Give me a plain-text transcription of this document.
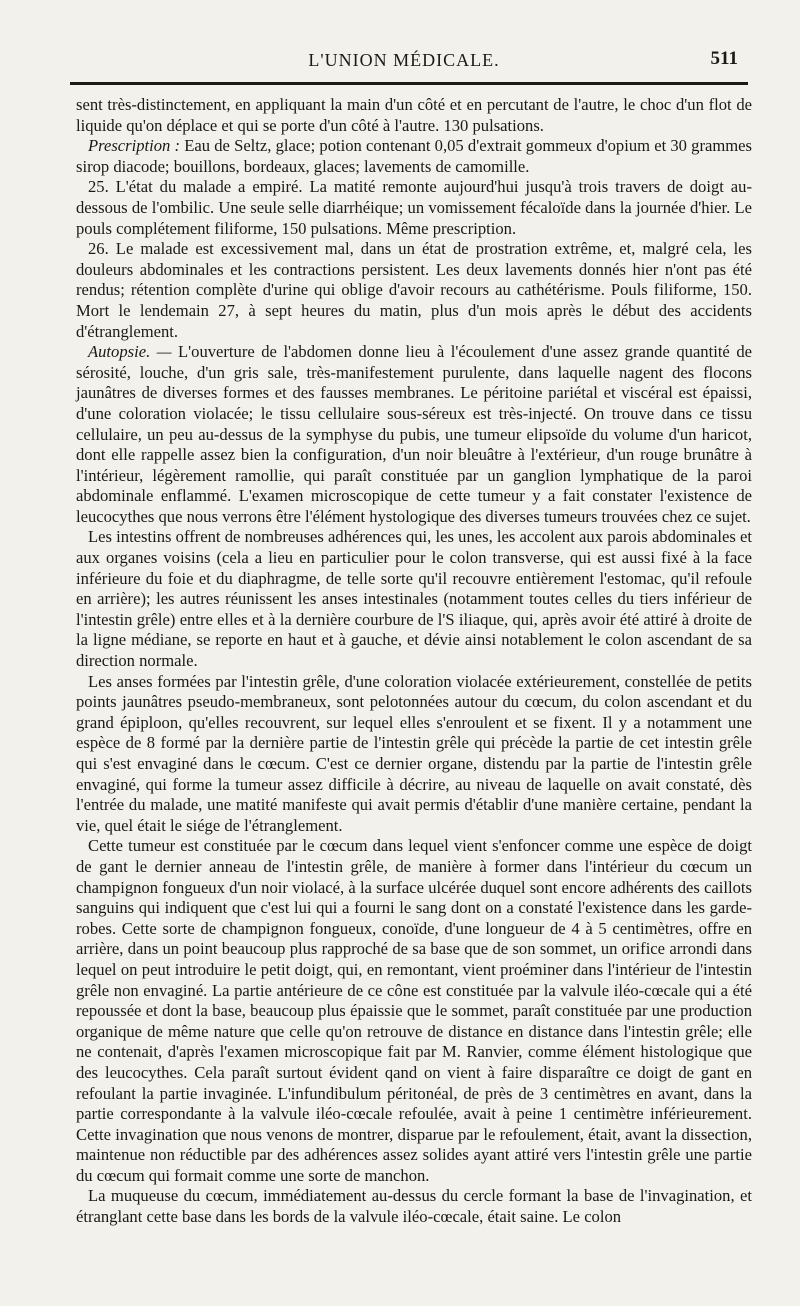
L'UNION MÉDICALE.	511

sent très-distinctement, en appliquant la main d'un côté et en percutant de l'autre, le choc d'un flot de liquide qu'on déplace et qui se porte d'un côté à l'autre. 130 pulsations.

Prescription : Eau de Seltz, glace; potion contenant 0,05 d'extrait gommeux d'opium et 30 grammes sirop diacode; bouillons, bordeaux, glaces; lavements de camomille.

25. L'état du malade a empiré. La matité remonte aujourd'hui jusqu'à trois travers de doigt au-dessous de l'ombilic. Une seule selle diarrhéique; un vomissement fécaloïde dans la journée d'hier. Le pouls complétement filiforme, 150 pulsations. Même prescription.

26. Le malade est excessivement mal, dans un état de prostration extrême, et, malgré cela, les douleurs abdominales et les contractions persistent. Les deux lavements donnés hier n'ont pas été rendus; rétention complète d'urine qui oblige d'avoir recours au cathétérisme. Pouls filiforme, 150. Mort le lendemain 27, à sept heures du matin, plus d'un mois après le début des accidents d'étranglement.

Autopsie. — L'ouverture de l'abdomen donne lieu à l'écoulement d'une assez grande quantité de sérosité, louche, d'un gris sale, très-manifestement purulente, dans laquelle nagent des flocons jaunâtres de diverses formes et des fausses membranes. Le péritoine pariétal et viscéral est épaissi, d'une coloration violacée; le tissu cellulaire sous-séreux est très-injecté. On trouve dans ce tissu cellulaire, un peu au-dessus de la symphyse du pubis, une tumeur elipsoïde du volume d'un haricot, dont elle rappelle assez bien la configuration, d'un noir bleuâtre à l'extérieur, d'un rouge brunâtre à l'intérieur, légèrement ramollie, qui paraît constituée par un ganglion lymphatique de la paroi abdominale enflammé. L'examen microscopique de cette tumeur y a fait constater l'existence de leucocythes que nous verrons être l'élément hystologique des diverses tumeurs trouvées chez ce sujet.

Les intestins offrent de nombreuses adhérences qui, les unes, les accolent aux parois abdominales et aux organes voisins (cela a lieu en particulier pour le colon transverse, qui est aussi fixé à la face inférieure du foie et du diaphragme, de telle sorte qu'il recouvre entièrement l'estomac, qu'il refoule en arrière); les autres réunissent les anses intestinales (notamment toutes celles du tiers inférieur de l'intestin grêle) entre elles et à la dernière courbure de l'S iliaque, qui, après avoir été attiré à droite de la ligne médiane, se reporte en haut et à gauche, et dévie ainsi notablement le colon ascendant de sa direction normale.

Les anses formées par l'intestin grêle, d'une coloration violacée extérieurement, constellée de petits points jaunâtres pseudo-membraneux, sont pelotonnées autour du cœcum, du colon ascendant et du grand épiploon, qu'elles recouvrent, sur lequel elles s'enroulent et se fixent. Il y a notamment une espèce de 8 formé par la dernière partie de l'intestin grêle qui précède la partie de cet intestin grêle qui s'est envaginé dans le cœcum. C'est ce dernier organe, distendu par la partie de l'intestin grêle envaginé, qui forme la tumeur assez difficile à décrire, au niveau de laquelle on avait constaté, dès l'entrée du malade, une matité manifeste qui avait permis d'établir d'une manière certaine, pendant la vie, quel était le siége de l'étranglement.

Cette tumeur est constituée par le cœcum dans lequel vient s'enfoncer comme une espèce de doigt de gant le dernier anneau de l'intestin grêle, de manière à former dans l'intérieur du cœcum un champignon fongueux d'un noir violacé, à la surface ulcérée duquel sont encore adhérents des caillots sanguins qui indiquent que c'est lui qui a fourni le sang dont on a constaté l'existence dans les garde-robes. Cette sorte de champignon fongueux, conoïde, d'une longueur de 4 à 5 centimètres, offre en arrière, dans un point beaucoup plus rapproché de sa base que de son sommet, un orifice arrondi dans lequel on peut introduire le petit doigt, qui, en remontant, vient proéminer dans l'intérieur de l'intestin grêle non envaginé. La partie antérieure de ce cône est constituée par la valvule iléo-cœcale qui a été repoussée et dont la base, beaucoup plus épaissie que le sommet, paraît constituée par une production organique de même nature que celle qu'on retrouve de distance en distance dans l'intestin grêle; elle ne contenait, d'après l'examen microscopique fait par M. Ranvier, comme élément histologique que des leucocythes. Cela paraît surtout évident qand on vient à faire disparaître ce doigt de gant en refoulant la partie invaginée. L'infundibulum péritonéal, de près de 3 centimètres en avant, dans la partie correspondante à la valvule iléo-cœcale refoulée, avait à peine 1 centimètre inférieurement. Cette invagination que nous venons de montrer, disparue par le refoulement, était, avant la dissection, maintenue non réductible par des adhérences assez solides ayant attiré vers l'intestin grêle une partie du cœcum qui formait comme une sorte de manchon.

La muqueuse du cœcum, immédiatement au-dessus du cercle formant la base de l'invagination, et étranglant cette base dans les bords de la valvule iléo-cœcale, était saine. Le colon
